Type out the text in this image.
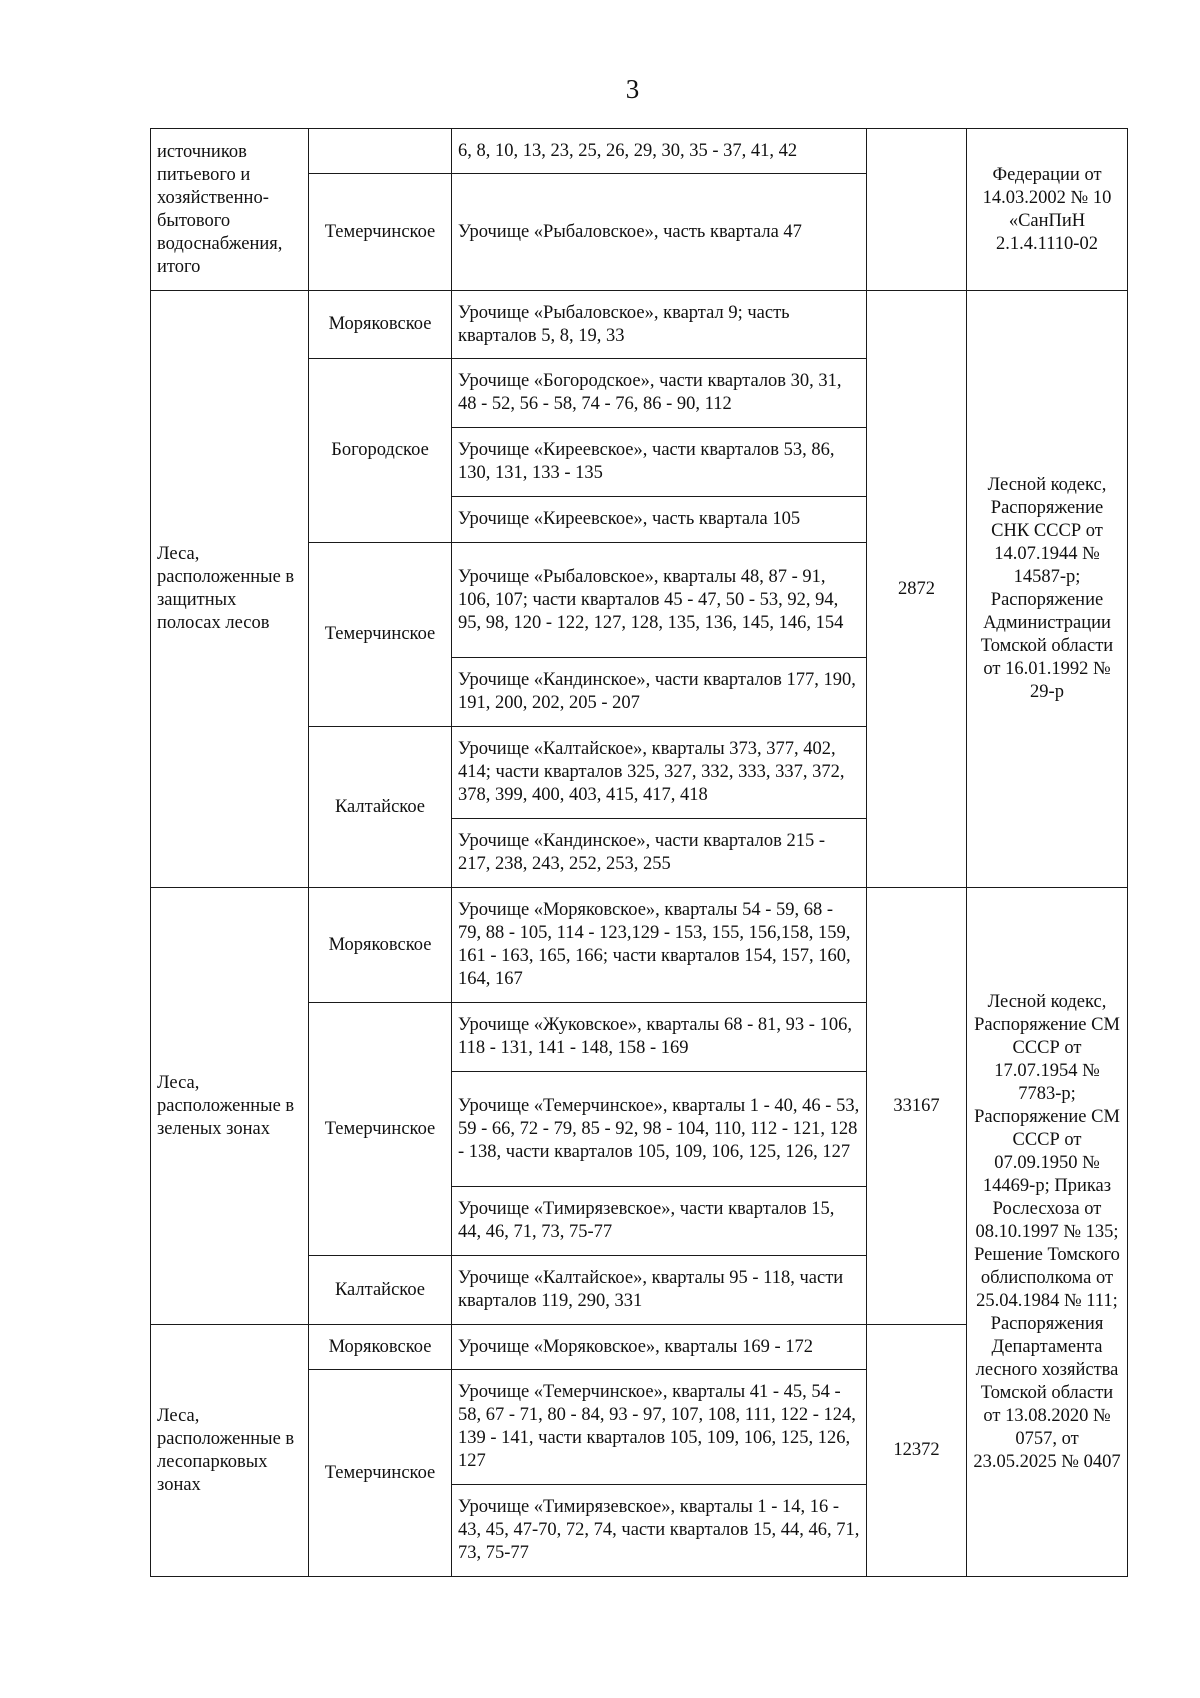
3
источников питьевого и хозяйственно-бытового водоснабжения, итого		6, 8, 10, 13, 23, 25, 26, 29, 30, 35 - 37, 41, 42		Федерации от 14.03.2002 № 10 «СанПиН 2.1.4.1110-02
	Темерчинское	Урочище «Рыбаловское», часть квартала 47		
Леса, расположенные в защитных полосах лесов	Моряковское	Урочище «Рыбаловское», квартал 9; часть кварталов 5, 8, 19, 33	2872	Лесной кодекс, Распоряжение СНК СССР от 14.07.1944 № 14587-р; Распоряжение Администрации Томской области от 16.01.1992 № 29-р
	Богородское	Урочище «Богородское», части кварталов 30, 31, 48 - 52, 56 - 58, 74 - 76, 86 - 90, 112		
		Урочище «Киреевское», части кварталов 53, 86, 130, 131, 133 - 135		
		Урочище «Киреевское», часть квартала 105		
	Темерчинское	Урочище «Рыбаловское», кварталы 48, 87 - 91, 106, 107; части кварталов 45 - 47, 50 - 53, 92, 94, 95, 98, 120 - 122, 127, 128, 135, 136, 145, 146, 154		
		Урочище «Кандинское», части кварталов 177, 190, 191, 200, 202, 205 - 207		
	Калтайское	Урочище «Калтайское», кварталы 373, 377, 402, 414; части кварталов 325, 327, 332, 333, 337, 372, 378, 399, 400, 403, 415, 417, 418		
		Урочище «Кандинское», части кварталов 215 - 217, 238, 243, 252, 253, 255		

Леса, расположенные в зеленых зонах	Моряковское	Урочище «Моряковское», кварталы 54 - 59, 68 - 79, 88 - 105, 114 - 123,129 - 153, 155, 156,158, 159, 161 - 163, 165, 166; части кварталов 154, 157, 160, 164, 167	33167	Лесной кодекс, Распоряжение СМ СССР от 17.07.1954 № 7783-р; Распоряжение СМ СССР от 07.09.1950 № 14469-р; Приказ Рослесхоза от 08.10.1997 № 135; Решение Томского облисполкома от 25.04.1984 № 111; Распоряжения Департамента лесного хозяйства Томской области от 13.08.2020 № 0757, от 23.05.2025 № 0407
	Темерчинское	Урочище «Жуковское», кварталы 68 - 81, 93 - 106, 118 - 131, 141 - 148, 158 - 169		
		Урочище «Темерчинское», кварталы 1 - 40, 46 - 53, 59 - 66, 72 - 79, 85 - 92, 98 - 104, 110, 112 - 121, 128 - 138, части кварталов 105, 109, 106, 125, 126, 127		
		Урочище «Тимирязевское», части кварталов 15, 44, 46, 71, 73, 75-77		
	Калтайское	Урочище «Калтайское», кварталы 95 - 118, части кварталов 119, 290, 331		
Леса, расположенные в лесопарковых зонах	Моряковское	Урочище «Моряковское», кварталы 169 - 172	12372	
	Темерчинское	Урочище «Темерчинское», кварталы 41 - 45, 54 - 58, 67 - 71, 80 - 84, 93 - 97, 107, 108, 111, 122 - 124, 139 - 141, части кварталов 105, 109, 106, 125, 126, 127		
		Урочище «Тимирязевское», кварталы 1 - 14, 16 - 43, 45, 47-70, 72, 74, части кварталов 15, 44, 46, 71, 73, 75-77		
